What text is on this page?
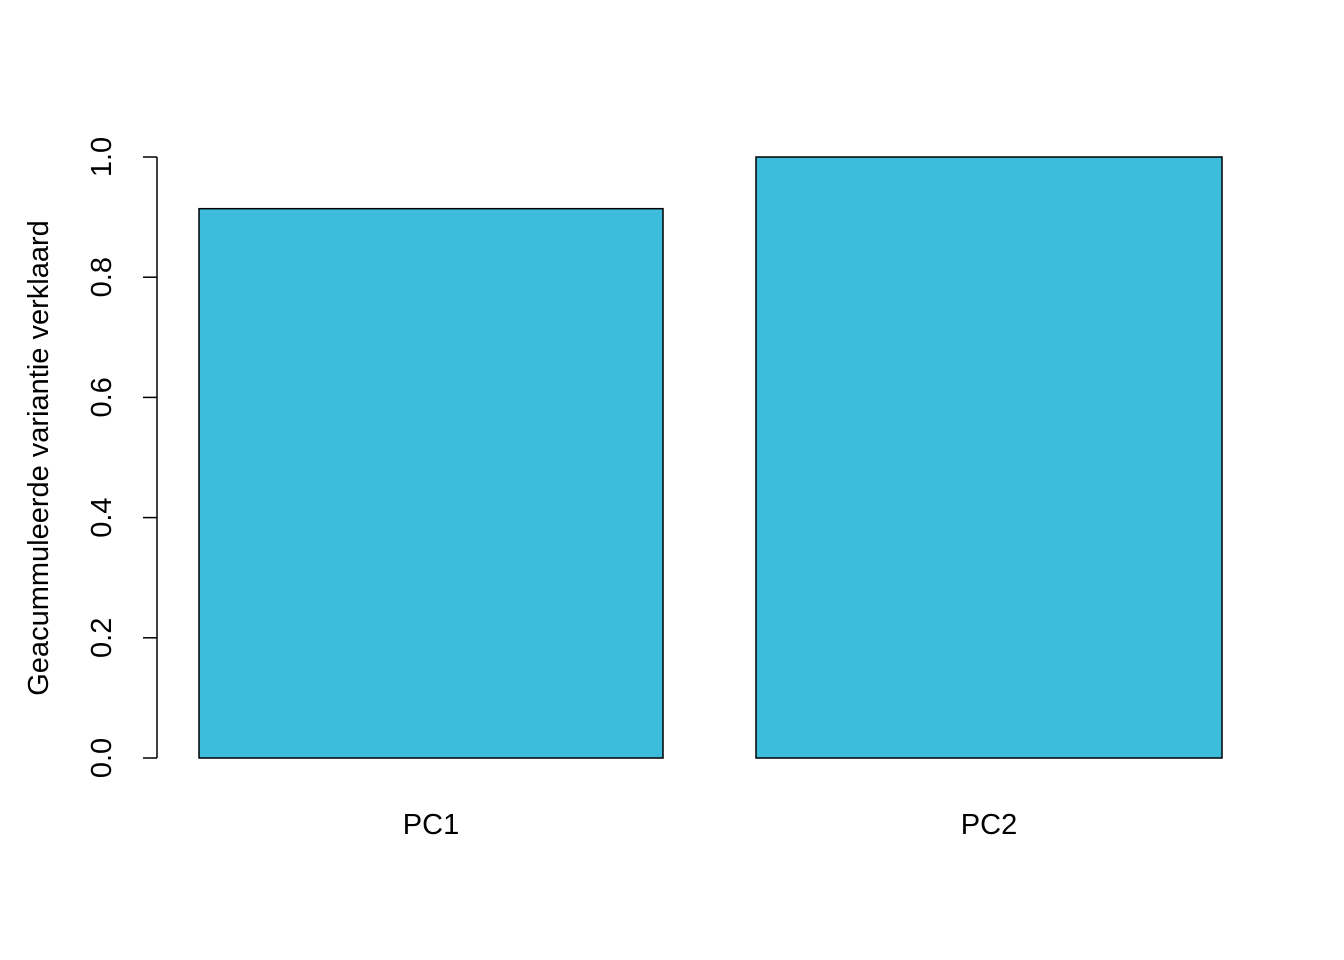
0.0
0.2
0.4
0.6
0.8
1.0
PC1	PC2
Geacummuleerde variantie verklaard
